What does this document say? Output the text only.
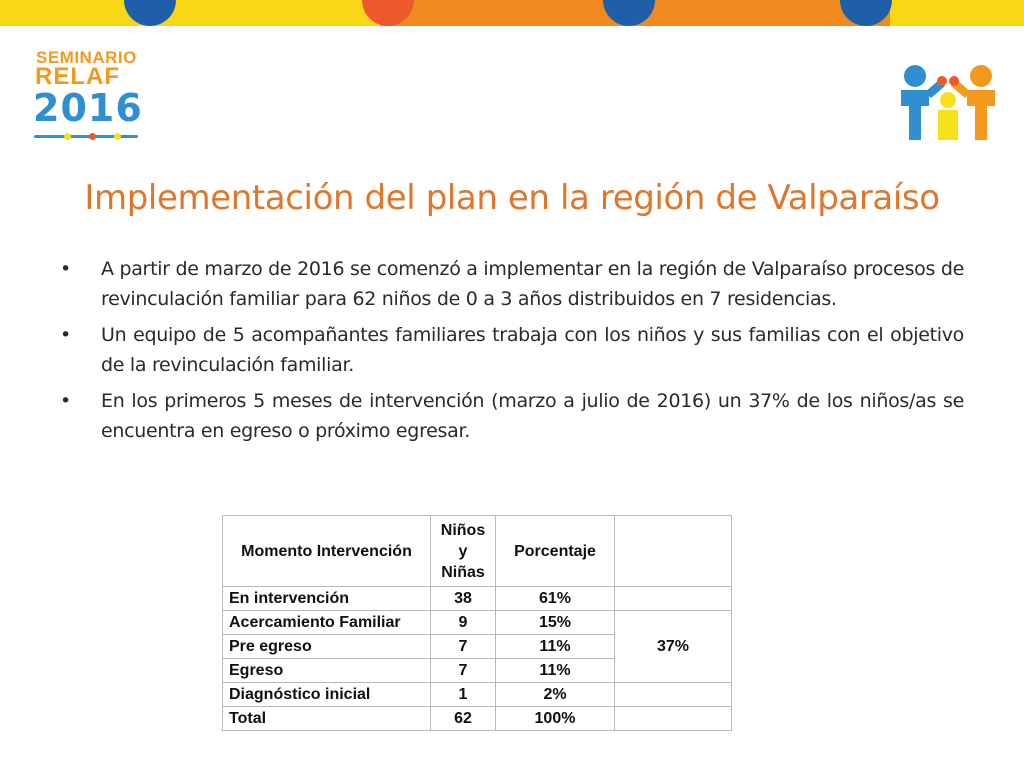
SEMINARIO
RELAF
2016
Implementación del plan en la región de Valparaíso
• A partir de marzo de 2016 se comenzó a implementar en la región de Valparaíso procesos de revinculación familiar para 62 niños de 0 a 3 años distribuidos en 7 residencias.
• Un equipo de 5 acompañantes familiares trabaja con los niños y sus familias con el objetivo de la revinculación familiar.
• En los primeros 5 meses de intervención (marzo a julio de 2016) un 37% de los niños/as se encuentra en egreso o próximo egresar.
Momento Intervención	Niños y Niñas	Porcentaje	
En intervención	38	61%	
Acercamiento Familiar	9	15%	37%
Pre egreso	7	11%	
Egreso	7	11%	
Diagnóstico inicial	1	2%	
Total	62	100%	
